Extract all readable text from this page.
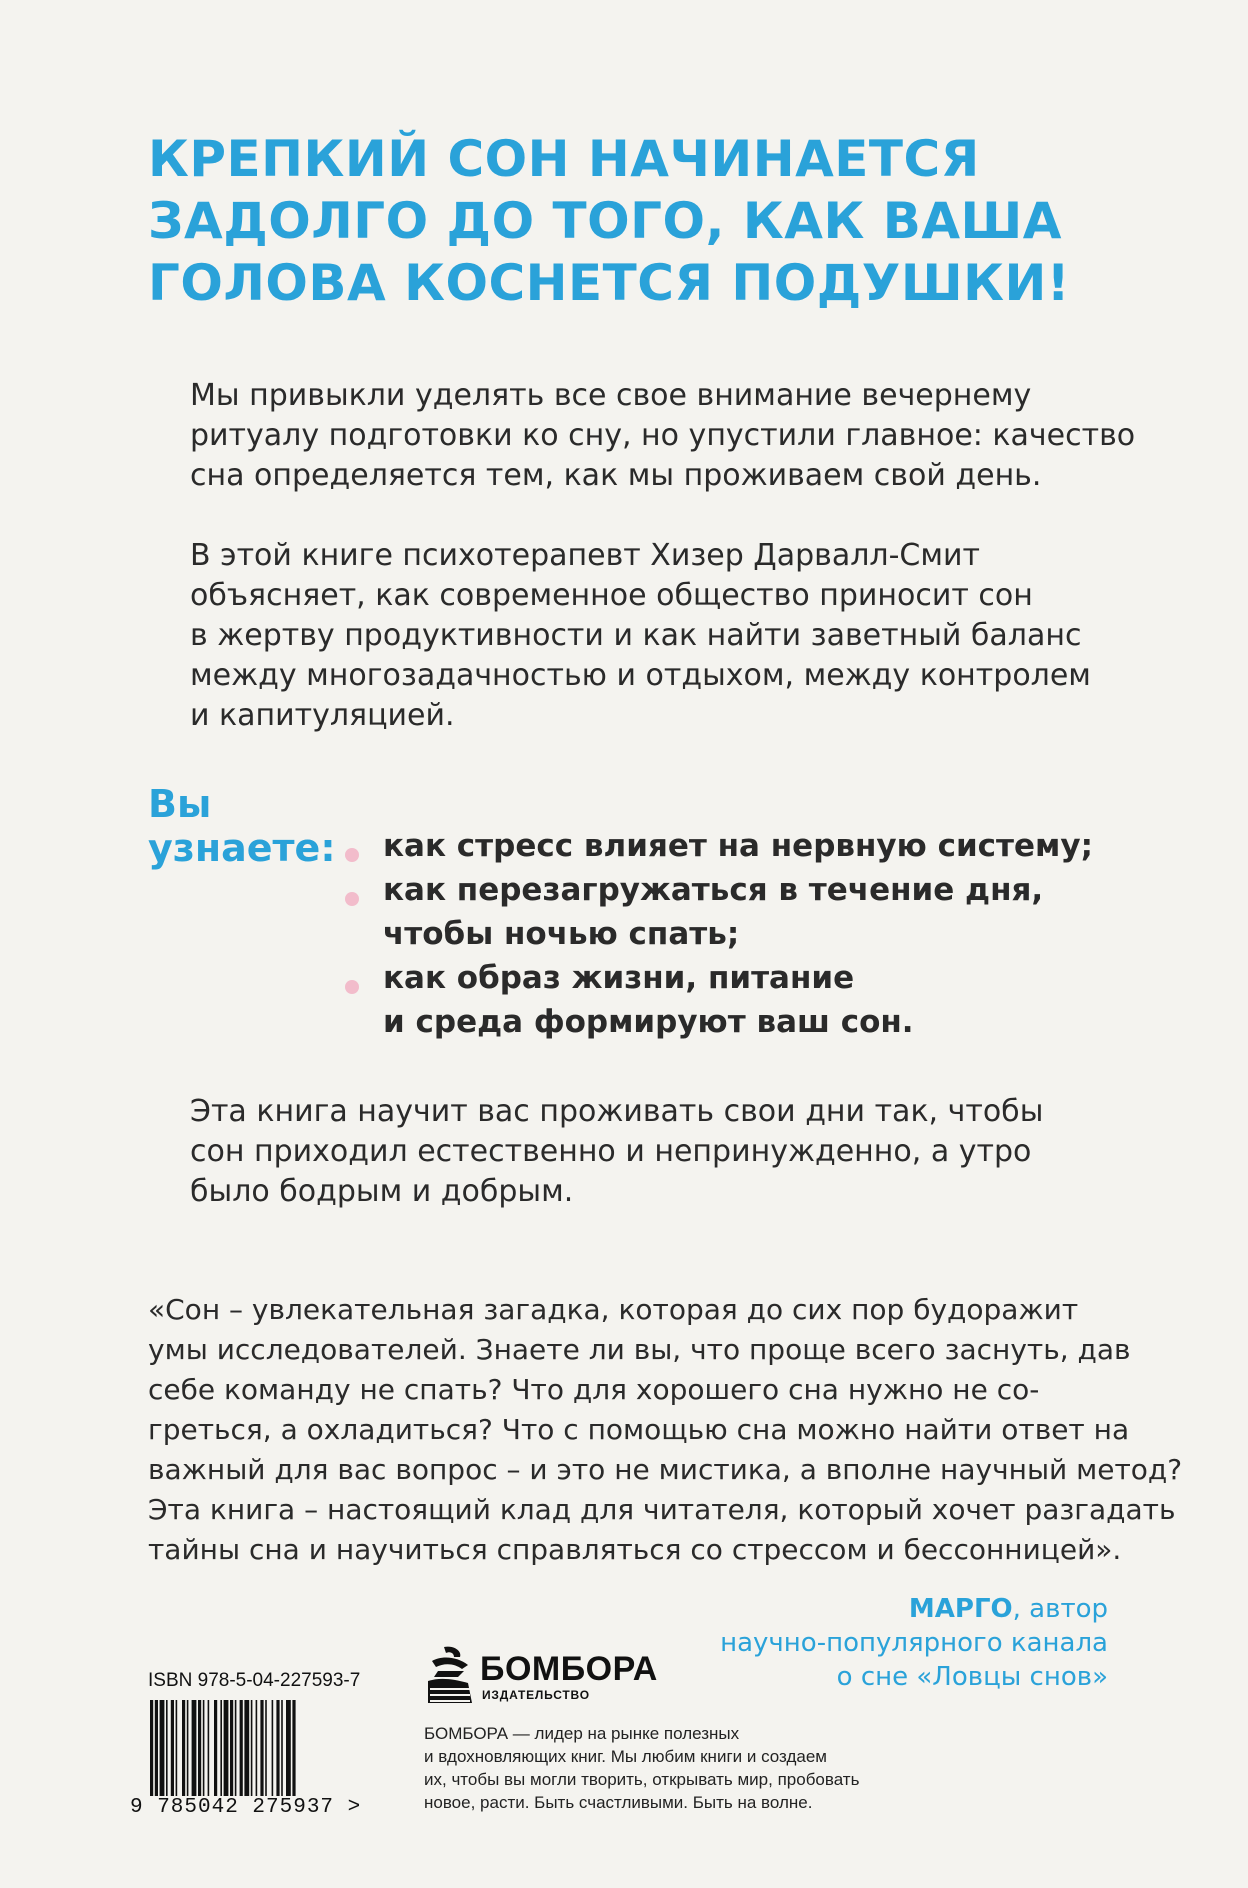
КРЕПКИЙ СОН НАЧИНАЕТСЯ
ЗАДОЛГО ДО ТОГО, КАК ВАША
ГОЛОВА КОСНЕТСЯ ПОДУШКИ!
Мы привыкли уделять все свое внимание вечернему
ритуалу подготовки ко сну, но упустили главное: качество
сна определяется тем, как мы проживаем свой день.
В этой книге психотерапевт Хизер Дарвалл-Смит
объясняет, как современное общество приносит сон
в жертву продуктивности и как найти заветный баланс
между многозадачностью и отдыхом, между контролем
и капитуляцией.
Вы
узнаете: как стресс влияет на нервную систему;
как перезагружаться в течение дня,
чтобы ночью спать;
как образ жизни, питание
и среда формируют ваш сон.
Эта книга научит вас проживать свои дни так, чтобы
сон приходил естественно и непринужденно, а утро
было бодрым и добрым.
«Сон – увлекательная загадка, которая до сих пор будоражит
умы исследователей. Знаете ли вы, что проще всего заснуть, дав
себе команду не спать? Что для хорошего сна нужно не со-
греться, а охладиться? Что с помощью сна можно найти ответ на
важный для вас вопрос – и это не мистика, а вполне научный метод?
Эта книга – настоящий клад для читателя, который хочет разгадать
тайны сна и научиться справляться со стрессом и бессонницей».
МАРГО, автор
научно-популярного канала
о сне «Ловцы снов»
ISBN 978-5-04-227593-7
9 785042 275937 >
БОМБОРА
ИЗДАТЕЛЬСТВО
БОМБОРА — лидер на рынке полезных
и вдохновляющих книг. Мы любим книги и создаем
их, чтобы вы могли творить, открывать мир, пробовать
новое, расти. Быть счастливыми. Быть на волне.
